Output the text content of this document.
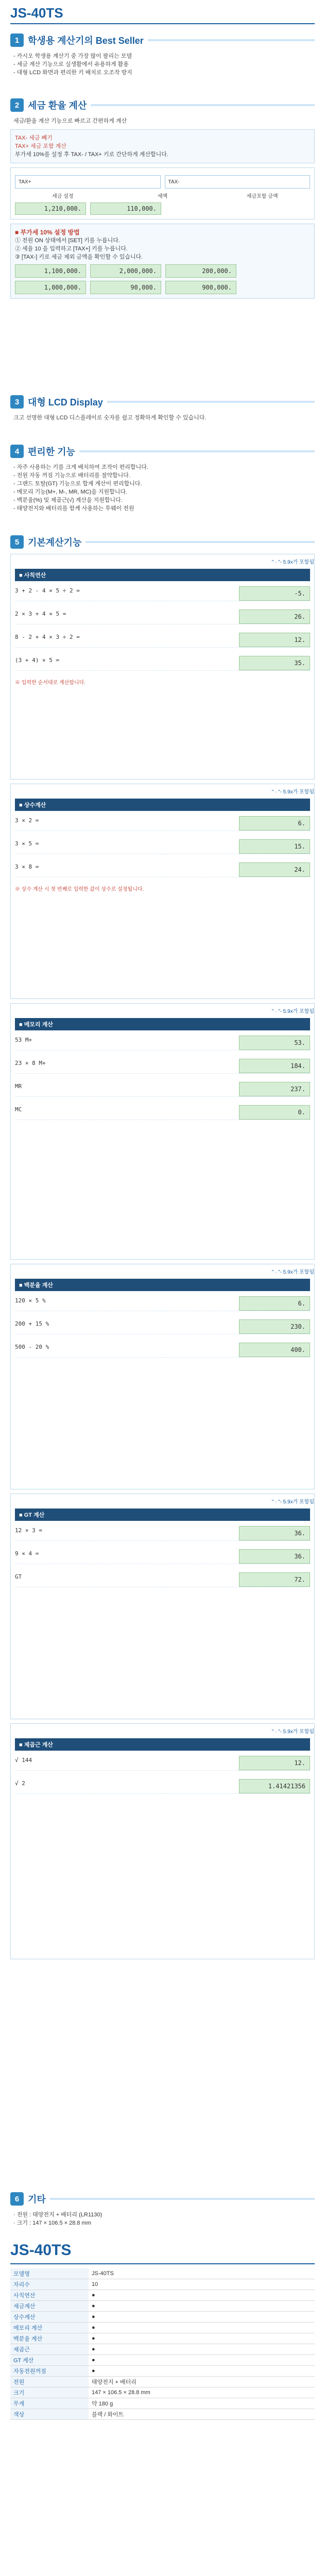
JS-40TS
1 학생용 계산기의 Best Seller
- 카시오 학생용 계산기 중 가장 많이 팔리는 모델
- 세금 계산 기능으로 실생활에서 유용하게 활용
- 대형 LCD 화면과 편리한 키 배치로 오조작 방지
2 세금 환율 계산
세금/환율 계산 기능으로 빠르고 간편하게 계산
TAX- 세금 빼기
TAX+ 세금 포함 계산
부가세 10%를 설정 후 TAX- / TAX+ 키로 간단하게 계산합니다.
TAX+	TAX-
세금 설정	세액	세금포함 금액
1,210,000.	110,000.
■ 부가세 10% 설정 방법
① 전원 ON 상태에서 [SET] 키를 누릅니다.
② 세율 10 을 입력하고 [TAX+] 키를 누릅니다.
③ [TAX-] 키로 세금 제외 금액을 확인할 수 있습니다.
1,100,000.	2,000,000.	200,000.
1,000,000.	90,000.	900,000.
3 대형 LCD Display
크고 선명한 대형 LCD 디스플레이로 숫자를 쉽고 정확하게 확인할 수 있습니다.
4 편리한 기능
- 자주 사용하는 키를 크게 배치하여 조작이 편리합니다.
- 전원 자동 꺼짐 기능으로 배터리를 절약합니다.
- 그랜드 토탈(GT) 기능으로 합계 계산이 편리합니다.
- 메모리 기능(M+, M-, MR, MC)을 지원합니다.
- 백분율(%) 및 제곱근(√) 계산을 지원합니다.
- 태양전지와 배터리를 함께 사용하는 투웨이 전원
5 기본계산기능
" · "- 5.9x가 포함됨
■ 사칙연산
3 + 2 - 4 × 5 ÷ 2 =	-5.
2 × 3 + 4 × 5 =	26.
8 - 2 + 4 × 3 ÷ 2 =	12.
(3 + 4) × 5 =	35.
※ 입력한 순서대로 계산합니다.
" · "- 5.9x가 포함됨
■ 상수계산
3 × 2 =	6.
3 × 5 =	15.
3 × 8 =	24.
※ 상수 계산 시 첫 번째로 입력한 값이 상수로 설정됩니다.
" · "- 5.9x가 포함됨
■ 메모리 계산
53 M+	53.
23 × 8 M+	184.
MR	237.
MC	0.
" · "- 5.9x가 포함됨
■ 백분율 계산
120 × 5 %	6.
200 + 15 %	230.
500 - 20 %	400.
" · "- 5.9x가 포함됨
■ GT 계산
12 × 3 =	36.
9 × 4 =	36.
GT	72.
" · "- 5.9x가 포함됨
■ 제곱근 계산
√ 144	12.
√ 2	1.41421356
6 기타
· 전원 : 태양전지 + 배터리 (LR1130)
· 크기 : 147 × 106.5 × 28.8 mm
JS-40TS
모델명	JS-40TS
자리수	10
사칙연산	●
세금계산	●
상수계산	●
메모리 계산	●
백분율 계산	●
제곱근	●
GT 계산	●
자동전원꺼짐	●
전원	태양전지 + 배터리
크기	147 × 106.5 × 28.8 mm
무게	약 180 g
색상	블랙 / 화이트
